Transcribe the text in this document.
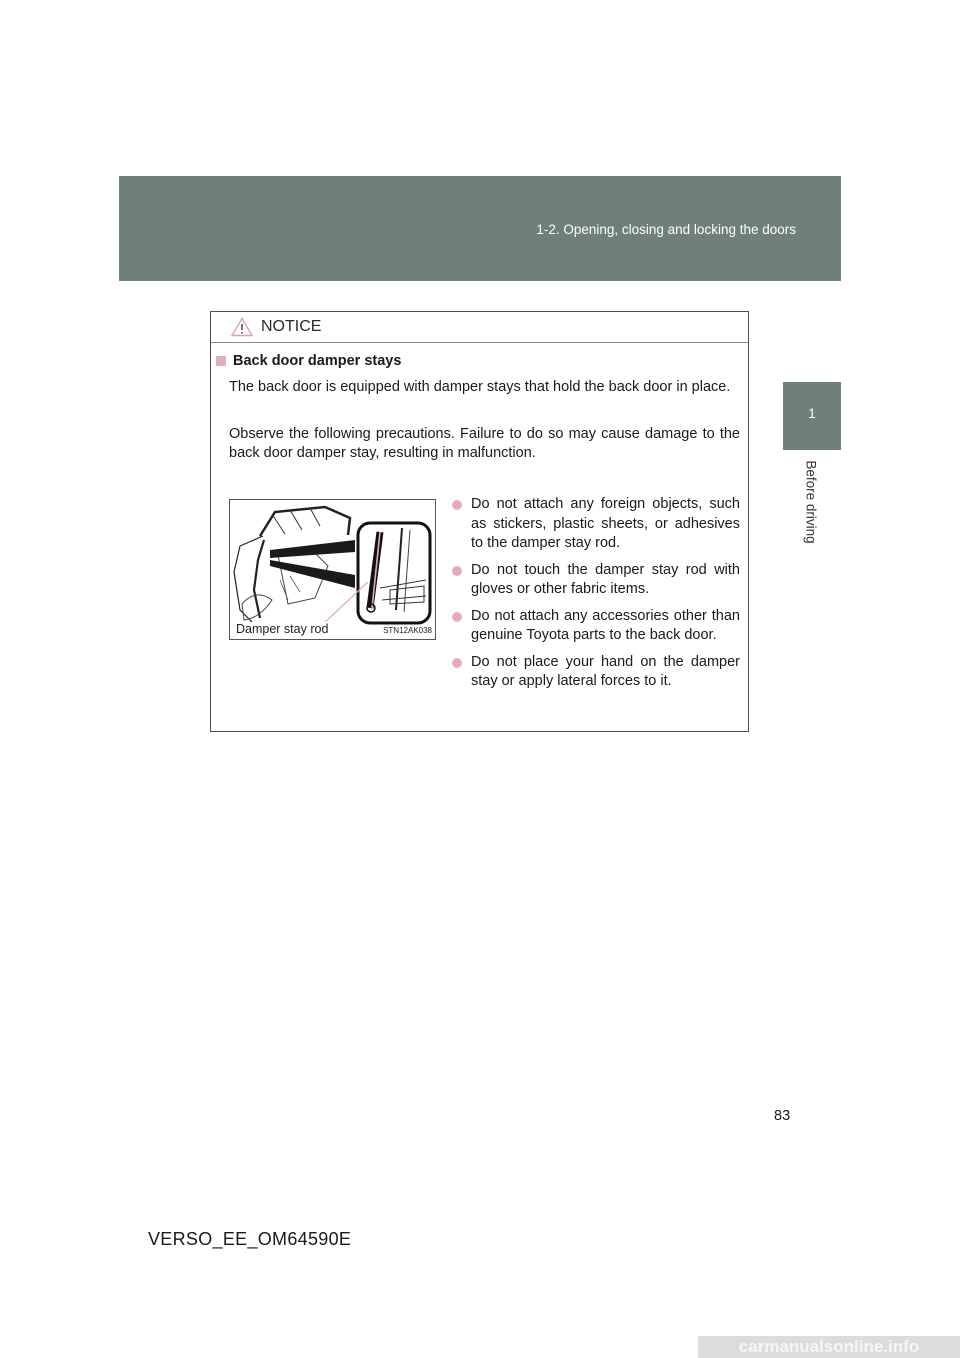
1-2. Opening, closing and locking the doors
1
Before driving
NOTICE
Back door damper stays
The back door is equipped with damper stays that hold the back door in place.
Observe the following precautions. Failure to do so may cause damage to the back door damper stay, resulting in malfunction.
Damper stay rod	STN12AK038
Do not attach any foreign objects, such as stickers, plastic sheets, or adhesives to the damper stay rod.
Do not touch the damper stay rod with gloves or other fabric items.
Do not attach any accessories other than genuine Toyota parts to the back door.
Do not place your hand on the damper stay or apply lateral forces to it.
83
VERSO_EE_OM64590E
carmanualsonline.info
